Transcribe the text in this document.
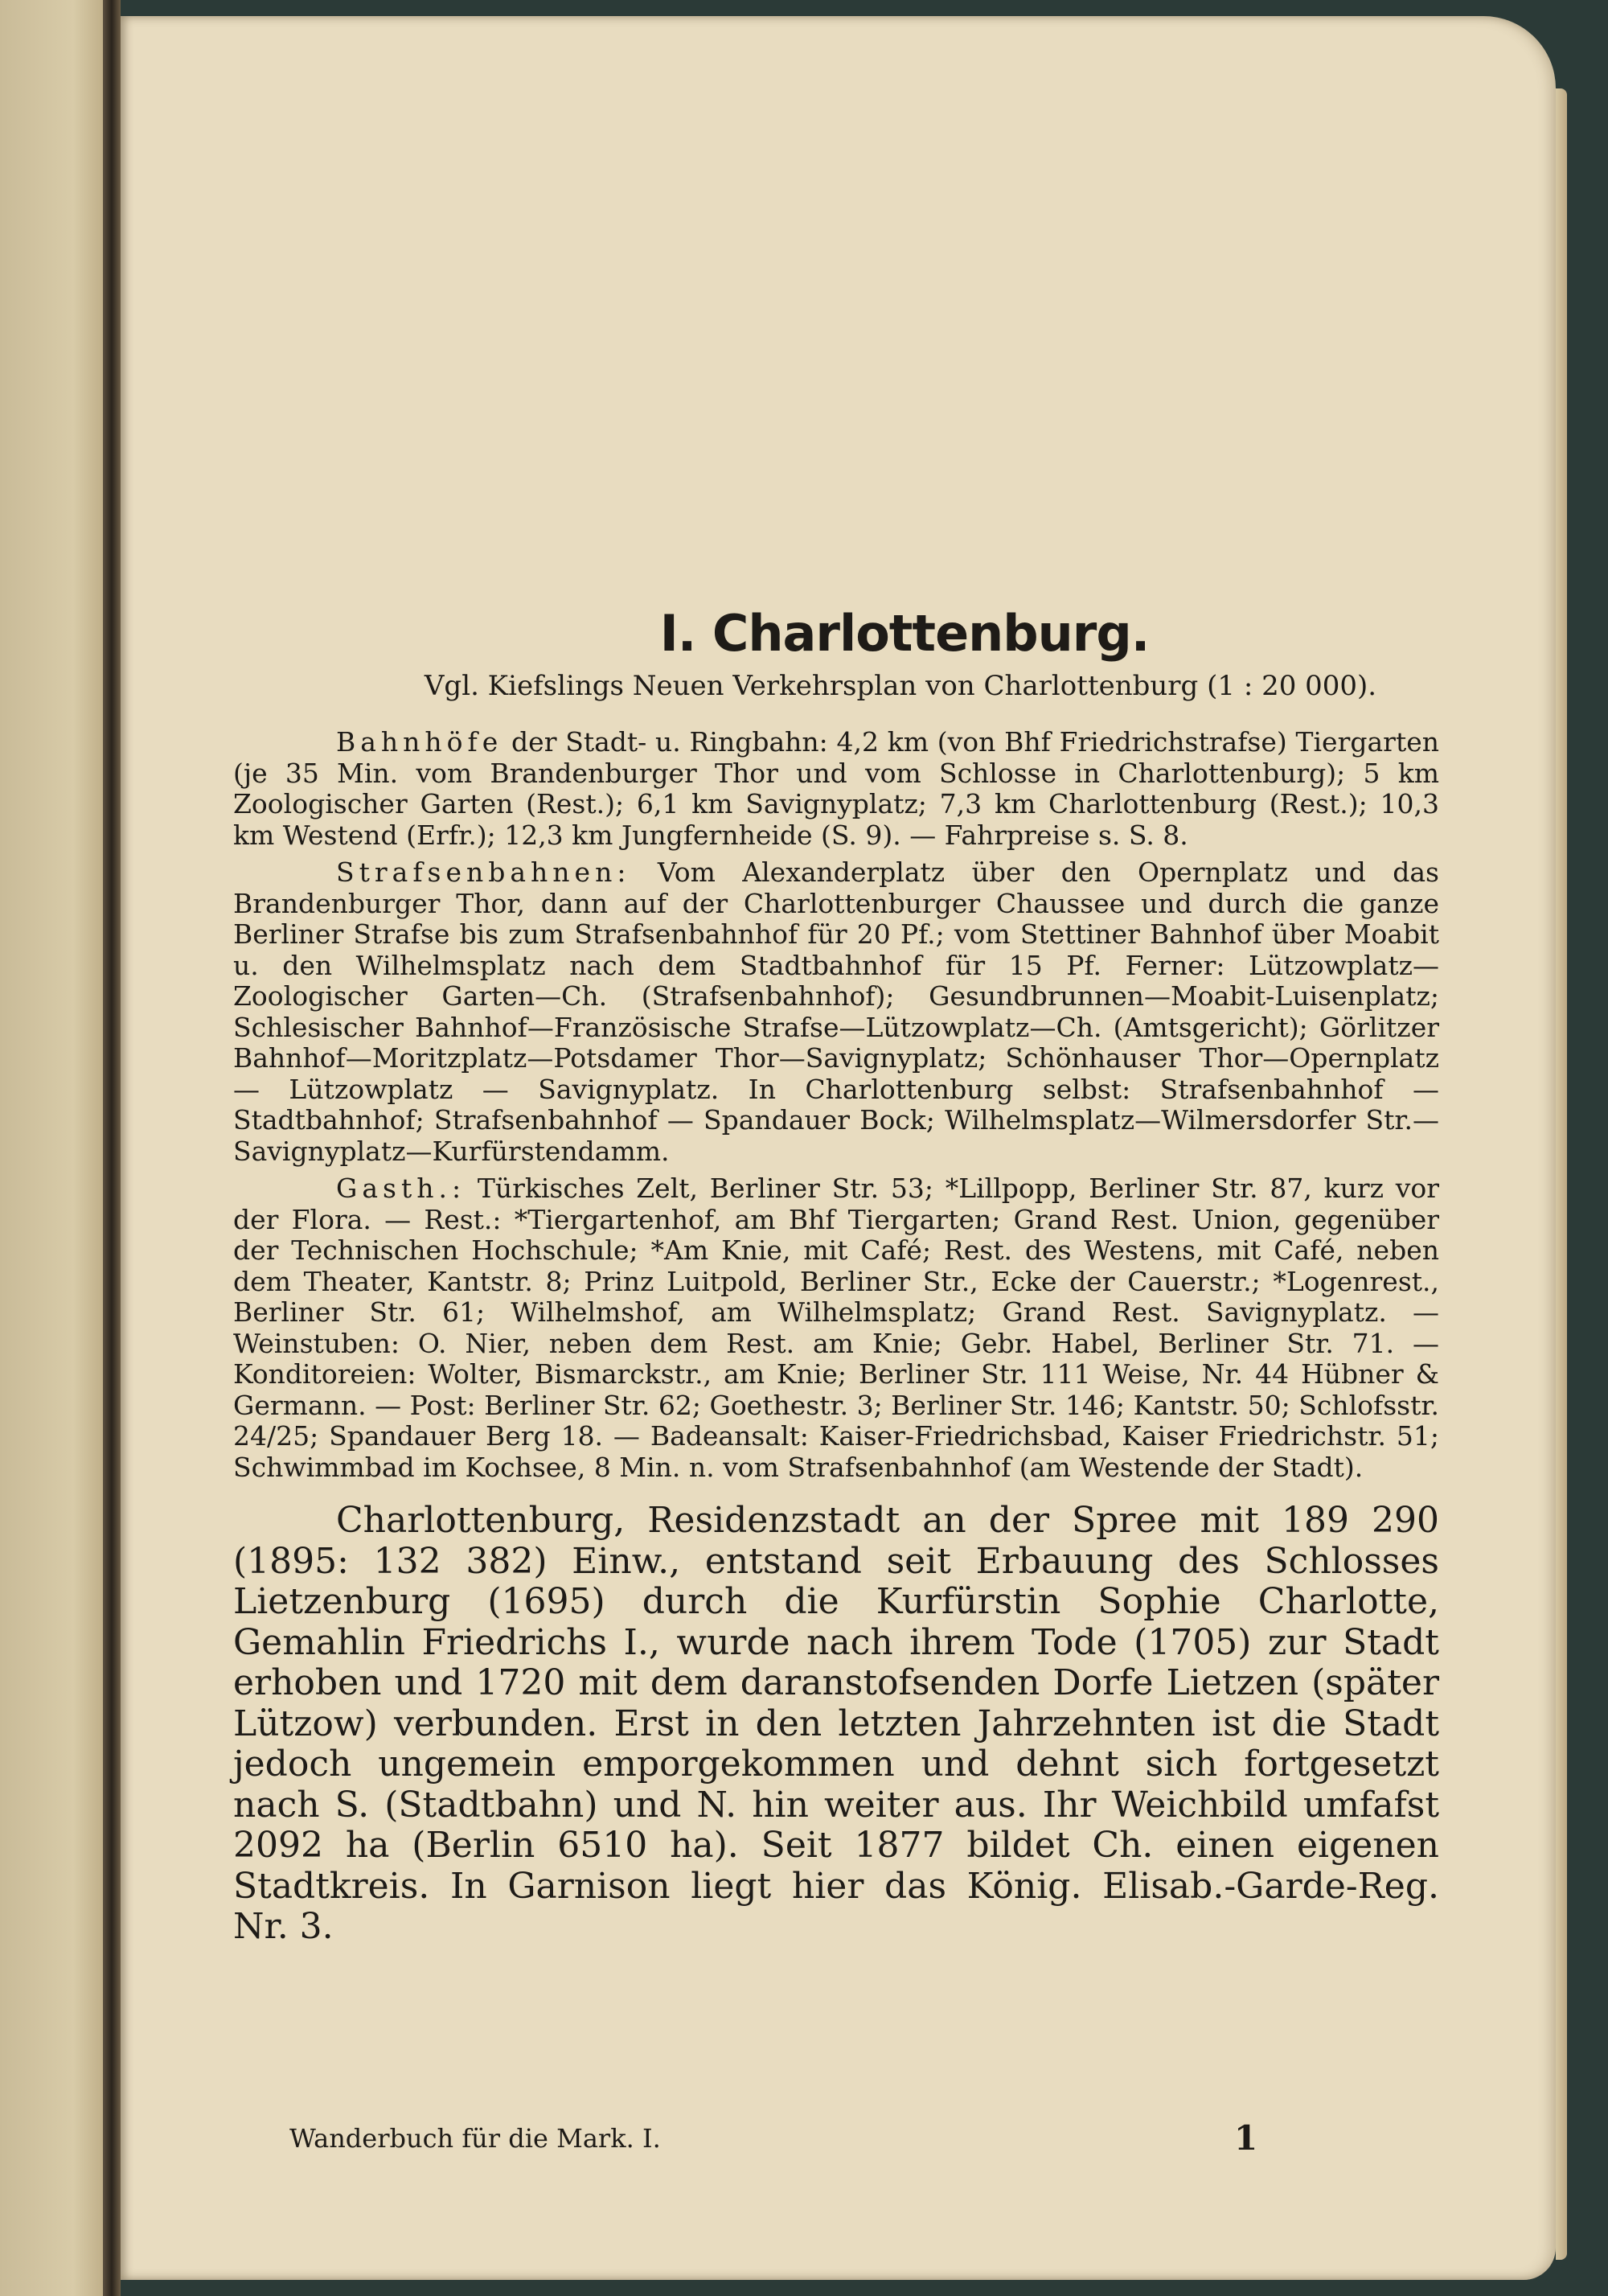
I. Charlottenburg.
Vgl. Kiefslings Neuen Verkehrsplan von Charlottenburg (1 : 20 000).

Bahnhöfe der Stadt- u. Ringbahn: 4,2 km (von Bhf Friedrichstrafse) Tiergarten (je 35 Min. vom Brandenburger Thor und vom Schlosse in Charlottenburg); 5 km Zoologischer Garten (Rest.); 6,1 km Savignyplatz; 7,3 km Charlottenburg (Rest.); 10,3 km Westend (Erfr.); 12,3 km Jungfernheide (S. 9). — Fahrpreise s. S. 8.

Strafsenbahnen: Vom Alexanderplatz über den Opernplatz und das Brandenburger Thor, dann auf der Charlottenburger Chaussee und durch die ganze Berliner Strafse bis zum Strafsenbahnhof für 20 Pf.; vom Stettiner Bahnhof über Moabit u. den Wilhelmsplatz nach dem Stadtbahnhof für 15 Pf. Ferner: Lützowplatz—Zoologischer Garten—Ch. (Strafsenbahnhof); Gesundbrunnen—Moabit-Luisenplatz; Schlesischer Bahnhof—Französische Strafse—Lützowplatz—Ch. (Amtsgericht); Görlitzer Bahnhof—Moritzplatz—Potsdamer Thor—Savignyplatz; Schönhauser Thor—Opernplatz — Lützowplatz — Savignyplatz. In Charlottenburg selbst: Strafsenbahnhof — Stadtbahnhof; Strafsenbahnhof — Spandauer Bock; Wilhelmsplatz—Wilmersdorfer Str.—Savignyplatz—Kurfürstendamm.

Gasth.: Türkisches Zelt, Berliner Str. 53; *Lillpopp, Berliner Str. 87, kurz vor der Flora. — Rest.: *Tiergartenhof, am Bhf Tiergarten; Grand Rest. Union, gegenüber der Technischen Hochschule; *Am Knie, mit Café; Rest. des Westens, mit Café, neben dem Theater, Kantstr. 8; Prinz Luitpold, Berliner Str., Ecke der Cauerstr.; *Logenrest., Berliner Str. 61; Wilhelmshof, am Wilhelmsplatz; Grand Rest. Savignyplatz. — Weinstuben: O. Nier, neben dem Rest. am Knie; Gebr. Habel, Berliner Str. 71. — Konditoreien: Wolter, Bismarckstr., am Knie; Berliner Str. 111 Weise, Nr. 44 Hübner & Germann. — Post: Berliner Str. 62; Goethestr. 3; Berliner Str. 146; Kantstr. 50; Schlofsstr. 24/25; Spandauer Berg 18. — Badeansalt: Kaiser-Friedrichsbad, Kaiser Friedrichstr. 51; Schwimmbad im Kochsee, 8 Min. n. vom Strafsenbahnhof (am Westende der Stadt).

Charlottenburg, Residenzstadt an der Spree mit 189 290 (1895: 132 382) Einw., entstand seit Erbauung des Schlosses Lietzenburg (1695) durch die Kurfürstin Sophie Charlotte, Gemahlin Friedrichs I., wurde nach ihrem Tode (1705) zur Stadt erhoben und 1720 mit dem daranstofsenden Dorfe Lietzen (später Lützow) verbunden. Erst in den letzten Jahrzehnten ist die Stadt jedoch ungemein emporgekommen und dehnt sich fortgesetzt nach S. (Stadtbahn) und N. hin weiter aus. Ihr Weichbild umfafst 2092 ha (Berlin 6510 ha). Seit 1877 bildet Ch. einen eigenen Stadtkreis. In Garnison liegt hier das König. Elisab.-Garde-Reg. Nr. 3.

Wanderbuch für die Mark. I.	1
